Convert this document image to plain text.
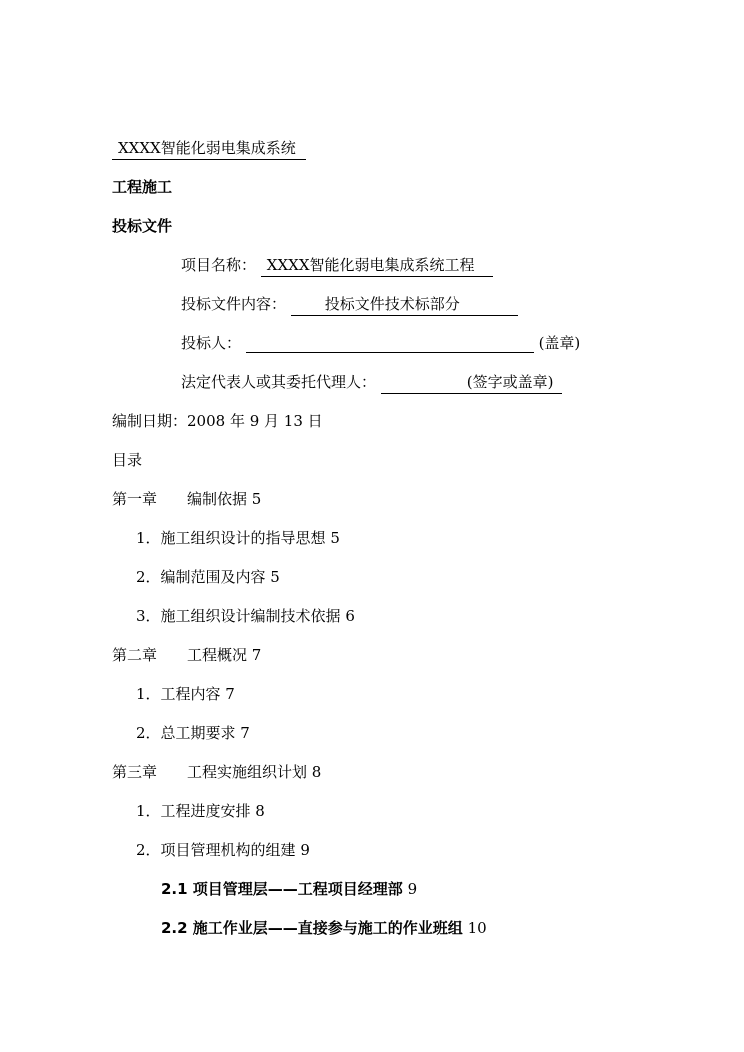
XXXX智能化弱电集成系统
工程施工
投标文件
项目名称： XXXX智能化弱电集成系统工程
投标文件内容：	投标文件技术标部分
投标人：	(盖章)
法定代表人或其委托代理人：	(签字或盖章)
编制日期：2008 年 9 月 13 日
目录
第一章　　编制依据 5
1．施工组织设计的指导思想 5
2．编制范围及内容 5
3．施工组织设计编制技术依据 6
第二章　　工程概况 7
1．工程内容 7
2．总工期要求 7
第三章　　工程实施组织计划 8
1．工程进度安排 8
2．项目管理机构的组建 9
2.1 项目管理层——工程项目经理部 9
2.2 施工作业层——直接参与施工的作业班组 10
